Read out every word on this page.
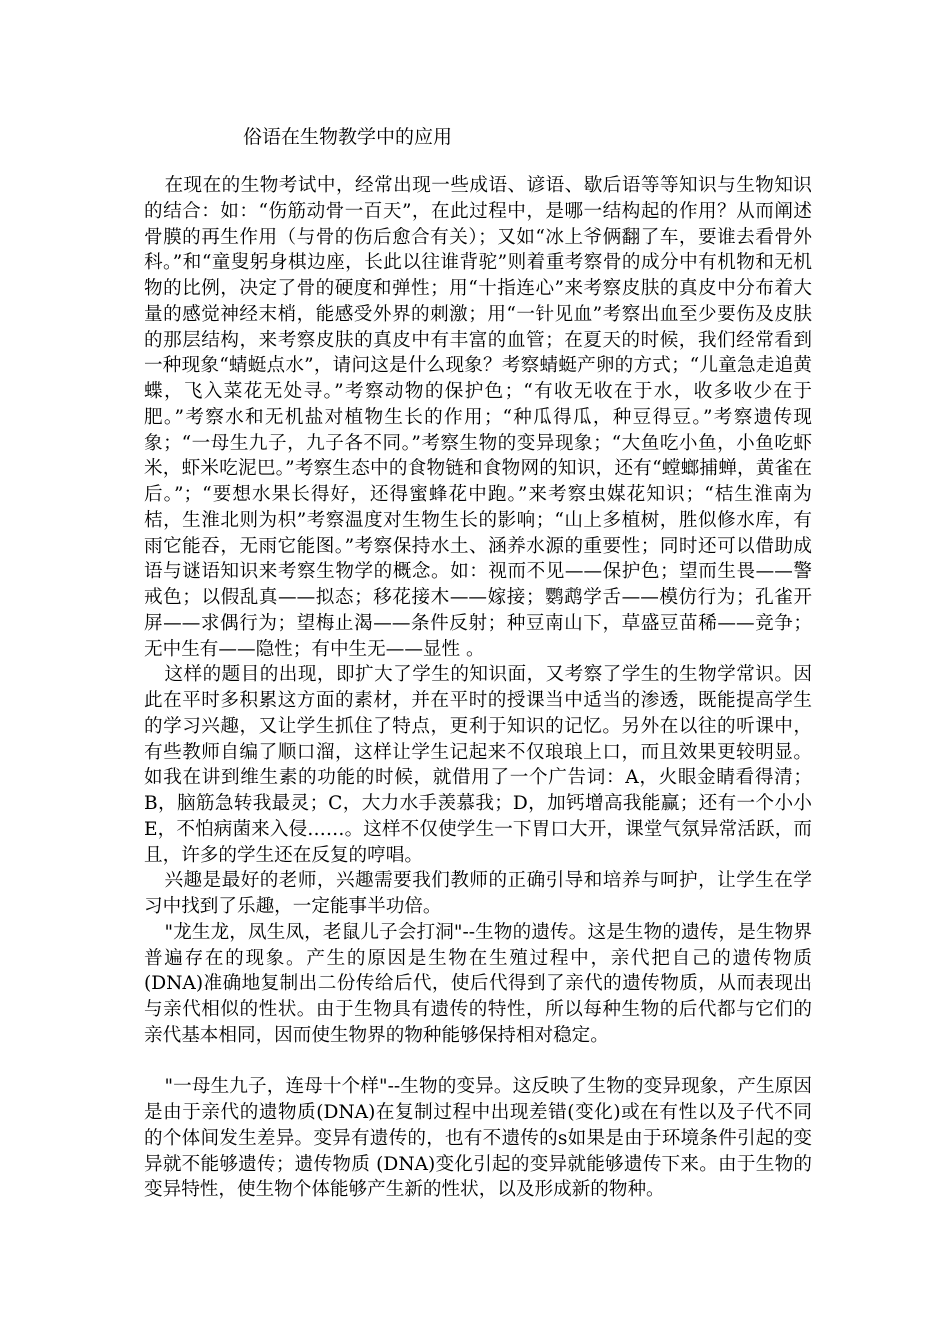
俗语在生物教学中的应用

在现在的生物考试中，经常出现一些成语、谚语、歇后语等等知识与生物知识的结合：如：“伤筋动骨一百天”，在此过程中，是哪一结构起的作用？从而阐述骨膜的再生作用（与骨的伤后愈合有关）；又如“冰上爷俩翻了车，要谁去看骨外科。”和“童叟躬身棋边座，长此以往谁背驼”则着重考察骨的成分中有机物和无机物的比例，决定了骨的硬度和弹性；用“十指连心”来考察皮肤的真皮中分布着大量的感觉神经末梢，能感受外界的刺激；用“一针见血”考察出血至少要伤及皮肤的那层结构，来考察皮肤的真皮中有丰富的血管；在夏天的时候，我们经常看到一种现象“蜻蜓点水”，请问这是什么现象？考察蜻蜓产卵的方式；“儿童急走追黄蝶，飞入菜花无处寻。”考察动物的保护色；“有收无收在于水，收多收少在于肥。”考察水和无机盐对植物生长的作用；“种瓜得瓜，种豆得豆。”考察遗传现象；“一母生九子，九子各不同。”考察生物的变异现象；“大鱼吃小鱼，小鱼吃虾米，虾米吃泥巴。”考察生态中的食物链和食物网的知识，还有“螳螂捕蝉，黄雀在后。”；“要想水果长得好，还得蜜蜂花中跑。”来考察虫媒花知识；“桔生淮南为桔，生淮北则为枳”考察温度对生物生长的影响；“山上多植树，胜似修水库，有雨它能吞，无雨它能图。”考察保持水土、涵养水源的重要性；同时还可以借助成语与谜语知识来考察生物学的概念。如：视而不见——保护色；望而生畏——警戒色；以假乱真——拟态；移花接木——嫁接；鹦鹉学舌——模仿行为；孔雀开屏——求偶行为；望梅止渴——条件反射；种豆南山下，草盛豆苗稀——竞争；无中生有——隐性；有中生无——显性 。

这样的题目的出现，即扩大了学生的知识面，又考察了学生的生物学常识。因此在平时多积累这方面的素材，并在平时的授课当中适当的渗透，既能提高学生的学习兴趣，又让学生抓住了特点，更利于知识的记忆。另外在以往的听课中，有些教师自编了顺口溜，这样让学生记起来不仅琅琅上口，而且效果更较明显。如我在讲到维生素的功能的时候，就借用了一个广告词：A，火眼金睛看得清；B，脑筋急转我最灵；C，大力水手羡慕我；D，加钙增高我能赢；还有一个小小E，不怕病菌来入侵……。这样不仅使学生一下胃口大开，课堂气氛异常活跃，而且，许多的学生还在反复的哼唱。

兴趣是最好的老师，兴趣需要我们教师的正确引导和培养与呵护，让学生在学习中找到了乐趣，一定能事半功倍。

"龙生龙，凤生凤，老鼠儿子会打洞"--生物的遗传。这是生物的遗传，是生物界普遍存在的现象。产生的原因是生物在生殖过程中，亲代把自己的遗传物质(DNA)准确地复制出二份传给后代，使后代得到了亲代的遗传物质，从而表现出与亲代相似的性状。由于生物具有遗传的特性，所以每种生物的后代都与它们的亲代基本相同，因而使生物界的物种能够保持相对稳定。

"一母生九子，连母十个样"--生物的变异。这反映了生物的变异现象，产生原因是由于亲代的遗物质(DNA)在复制过程中出现差错(变化)或在有性以及子代不同的个体间发生差异。变异有遗传的，也有不遗传的s如果是由于环境条件引起的变异就不能够遗传；遗传物质 (DNA)变化引起的变异就能够遗传下来。由于生物的变异特性，使生物个体能够产生新的性状，以及形成新的物种。
